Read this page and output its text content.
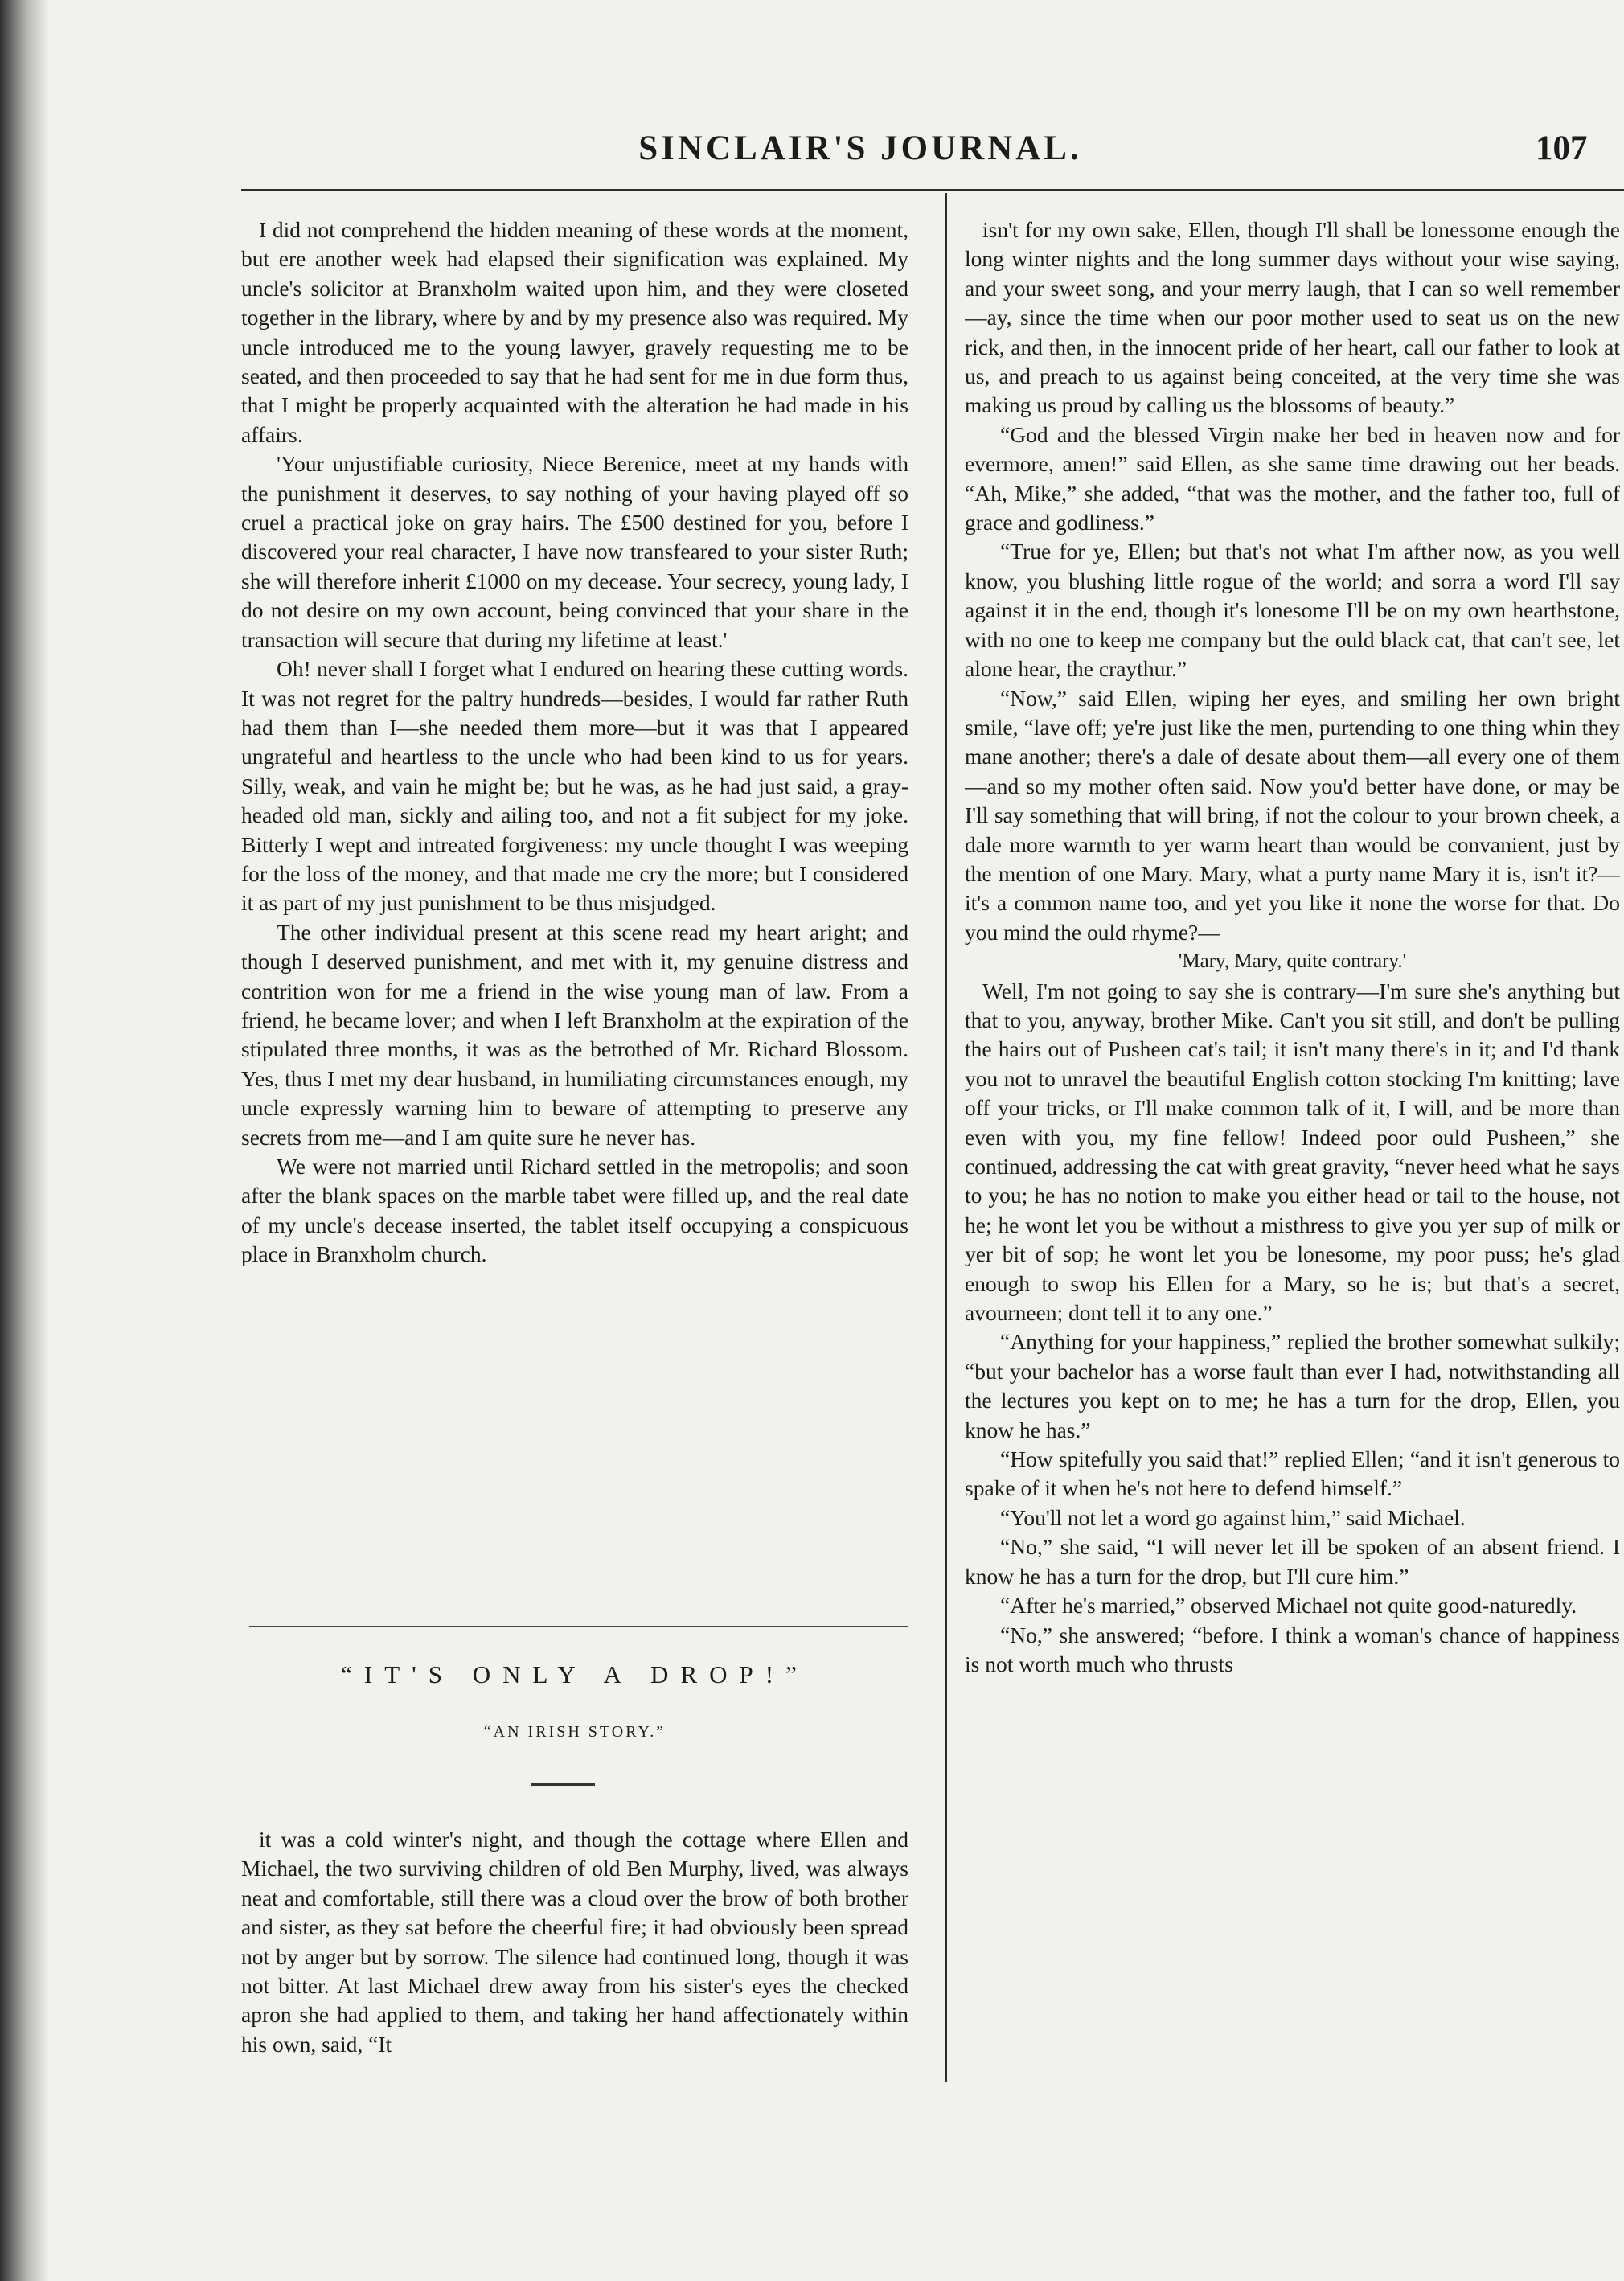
SINCLAIR'S JOURNAL.	107

I did not comprehend the hidden meaning of these words at the moment, but ere another week had elapsed their signification was explained. My uncle's solicitor at Branxholm waited upon him, and they were closeted together in the library, where by and by my presence also was required. My uncle introduced me to the young lawyer, gravely requesting me to be seated, and then proceeded to say that he had sent for me in due form thus, that I might be properly acquainted with the alteration he had made in his affairs.

'Your unjustifiable curiosity, Niece Berenice, meet at my hands with the punishment it deserves, to say nothing of your having played off so cruel a practical joke on gray hairs. The £500 destined for you, before I discovered your real character, I have now transfeared to your sister Ruth; she will therefore inherit £1000 on my decease. Your secrecy, young lady, I do not desire on my own account, being convinced that your share in the transaction will secure that during my lifetime at least.'

Oh! never shall I forget what I endured on hearing these cutting words. It was not regret for the paltry hundreds—besides, I would far rather Ruth had them than I—she needed them more—but it was that I appeared ungrateful and heartless to the uncle who had been kind to us for years. Silly, weak, and vain he might be; but he was, as he had just said, a gray-headed old man, sickly and ailing too, and not a fit subject for my joke. Bitterly I wept and intreated forgiveness: my uncle thought I was weeping for the loss of the money, and that made me cry the more; but I considered it as part of my just punishment to be thus misjudged.

The other individual present at this scene read my heart aright; and though I deserved punishment, and met with it, my genuine distress and contrition won for me a friend in the wise young man of law. From a friend, he became lover; and when I left Branxholm at the expiration of the stipulated three months, it was as the betrothed of Mr. Richard Blossom. Yes, thus I met my dear husband, in humiliating circumstances enough, my uncle expressly warning him to beware of attempting to preserve any secrets from me—and I am quite sure he never has.

We were not married until Richard settled in the metropolis; and soon after the blank spaces on the marble tabet were filled up, and the real date of my uncle's decease inserted, the tablet itself occupying a conspicuous place in Branxholm church.

“IT'S ONLY A DROP!”
“AN IRISH STORY.”

it was a cold winter's night, and though the cottage where Ellen and Michael, the two surviving children of old Ben Murphy, lived, was always neat and comfortable, still there was a cloud over the brow of both brother and sister, as they sat before the cheerful fire; it had obviously been spread not by anger but by sorrow. The silence had continued long, though it was not bitter. At last Michael drew away from his sister's eyes the checked apron she had applied to them, and taking her hand affectionately within his own, said, “It

isn't for my own sake, Ellen, though I'll shall be lonessome enough the long winter nights and the long summer days without your wise saying, and your sweet song, and your merry laugh, that I can so well remember—ay, since the time when our poor mother used to seat us on the new rick, and then, in the innocent pride of her heart, call our father to look at us, and preach to us against being conceited, at the very time she was making us proud by calling us the blossoms of beauty.”

“God and the blessed Virgin make her bed in heaven now and for evermore, amen!” said Ellen, as she same time drawing out her beads. “Ah, Mike,” she added, “that was the mother, and the father too, full of grace and godliness.”

“True for ye, Ellen; but that's not what I'm afther now, as you well know, you blushing little rogue of the world; and sorra a word I'll say against it in the end, though it's lonesome I'll be on my own hearthstone, with no one to keep me company but the ould black cat, that can't see, let alone hear, the craythur.”

“Now,” said Ellen, wiping her eyes, and smiling her own bright smile, “lave off; ye're just like the men, purtending to one thing whin they mane another; there's a dale of desate about them—all every one of them—and so my mother often said. Now you'd better have done, or may be I'll say something that will bring, if not the colour to your brown cheek, a dale more warmth to yer warm heart than would be convanient, just by the mention of one Mary. Mary, what a purty name Mary it is, isn't it?—it's a common name too, and yet you like it none the worse for that. Do you mind the ould rhyme?—

'Mary, Mary, quite contrary.'

Well, I'm not going to say she is contrary—I'm sure she's anything but that to you, anyway, brother Mike. Can't you sit still, and don't be pulling the hairs out of Pusheen cat's tail; it isn't many there's in it; and I'd thank you not to unravel the beautiful English cotton stocking I'm knitting; lave off your tricks, or I'll make common talk of it, I will, and be more than even with you, my fine fellow! Indeed poor ould Pusheen,” she continued, addressing the cat with great gravity, “never heed what he says to you; he has no notion to make you either head or tail to the house, not he; he wont let you be without a misthress to give you yer sup of milk or yer bit of sop; he wont let you be lonesome, my poor puss; he's glad enough to swop his Ellen for a Mary, so he is; but that's a secret, avourneen; dont tell it to any one.”

“Anything for your happiness,” replied the brother somewhat sulkily; “but your bachelor has a worse fault than ever I had, notwithstanding all the lectures you kept on to me; he has a turn for the drop, Ellen, you know he has.”

“How spitefully you said that!” replied Ellen; “and it isn't generous to spake of it when he's not here to defend himself.”

“You'll not let a word go against him,” said Michael.

“No,” she said, “I will never let ill be spoken of an absent friend. I know he has a turn for the drop, but I'll cure him.”

“After he's married,” observed Michael not quite good-naturedly.

“No,” she answered; “before. I think a woman's chance of happiness is not worth much who thrusts
